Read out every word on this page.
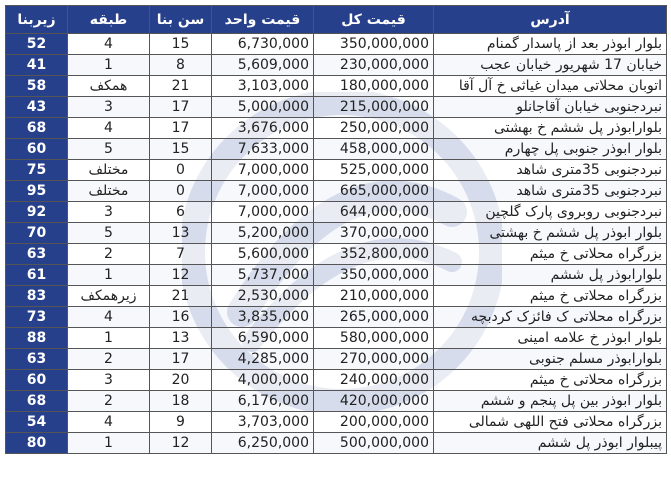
زیربنا	طبقه	سن بنا	قیمت واحد	قیمت کل	آدرس
52	4	15	6,730,000	350,000,000	بلوار ابوذر بعد از پاسدار گمنام
41	1	8	5,609,000	230,000,000	خیابان 17 شهریور خیابان عجب
58	همکف	21	3,103,000	180,000,000	اتوبان محلاتی میدان غیاثی خ آل آقا
43	3	17	5,000,000	215,000,000	نبردجنوبی خیابان آقاجانلو
68	4	17	3,676,000	250,000,000	بلوارابوذر پل ششم خ بهشتی
60	5	15	7,633,000	458,000,000	بلوار ابوذر جنوبی پل چهارم
75	مختلف	0	7,000,000	525,000,000	نبردجنوبی 35متری شاهد
95	مختلف	0	7,000,000	665,000,000	نبردجنوبی 35متری شاهد
92	3	6	7,000,000	644,000,000	نبردجنوبی روبروی پارک گلچین
70	5	13	5,200,000	370,000,000	بلوار ابوذر پل ششم خ بهشتی
63	2	7	5,600,000	352,800,000	بزرگراه محلاتی خ میثم
61	1	12	5,737,000	350,000,000	بلوارابوذر پل ششم
83	زیرهمکف	21	2,530,000	210,000,000	بزرگراه محلاتی خ میثم
73	4	16	3,835,000	265,000,000	بزرگراه محلاتی ک فائزک کردبچه
88	1	13	6,590,000	580,000,000	بلوار ابوذر خ علامه امینی
63	2	17	4,285,000	270,000,000	بلوارابوذر مسلم جنوبی
60	3	20	4,000,000	240,000,000	بزرگراه محلاتی خ میثم
68	2	18	6,176,000	420,000,000	بلوار ابوذر بین پل پنجم و ششم
54	4	9	3,703,000	200,000,000	بزرگراه محلاتی فتح اللهی شمالی
80	1	12	6,250,000	500,000,000	پیبلوار ابوذر پل ششم
